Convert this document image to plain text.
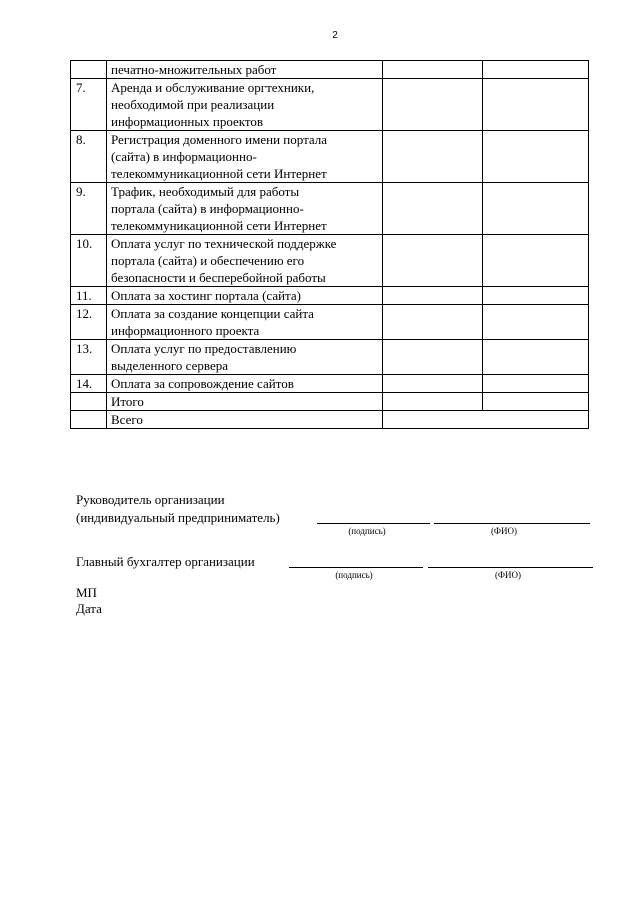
2

	печатно-множительных работ		

7.	Аренда и обслуживание оргтехники,
необходимой при реализации
информационных проектов		

8.	Регистрация доменного имени портала
(сайта) в информационно-
телекоммуникационной сети Интернет		

9.	Трафик, необходимый для работы
портала (сайта) в информационно-
телекоммуникационной сети Интернет		

10.	Оплата услуг по технической поддержке
портала (сайта) и обеспечению его
безопасности и бесперебойной работы		

11.	Оплата за хостинг портала (сайта)		

12.	Оплата за создание концепции сайта
информационного проекта		

13.	Оплата услуг по предоставлению
выделенного сервера		

14.	Оплата за сопровождение сайтов		

	Итого		

	Всего		
Руководитель организации
(индивидуальный предприниматель)
(подпись)	(ФИО)
Главный бухгалтер организации
(подпись)	(ФИО)
МП
Дата
